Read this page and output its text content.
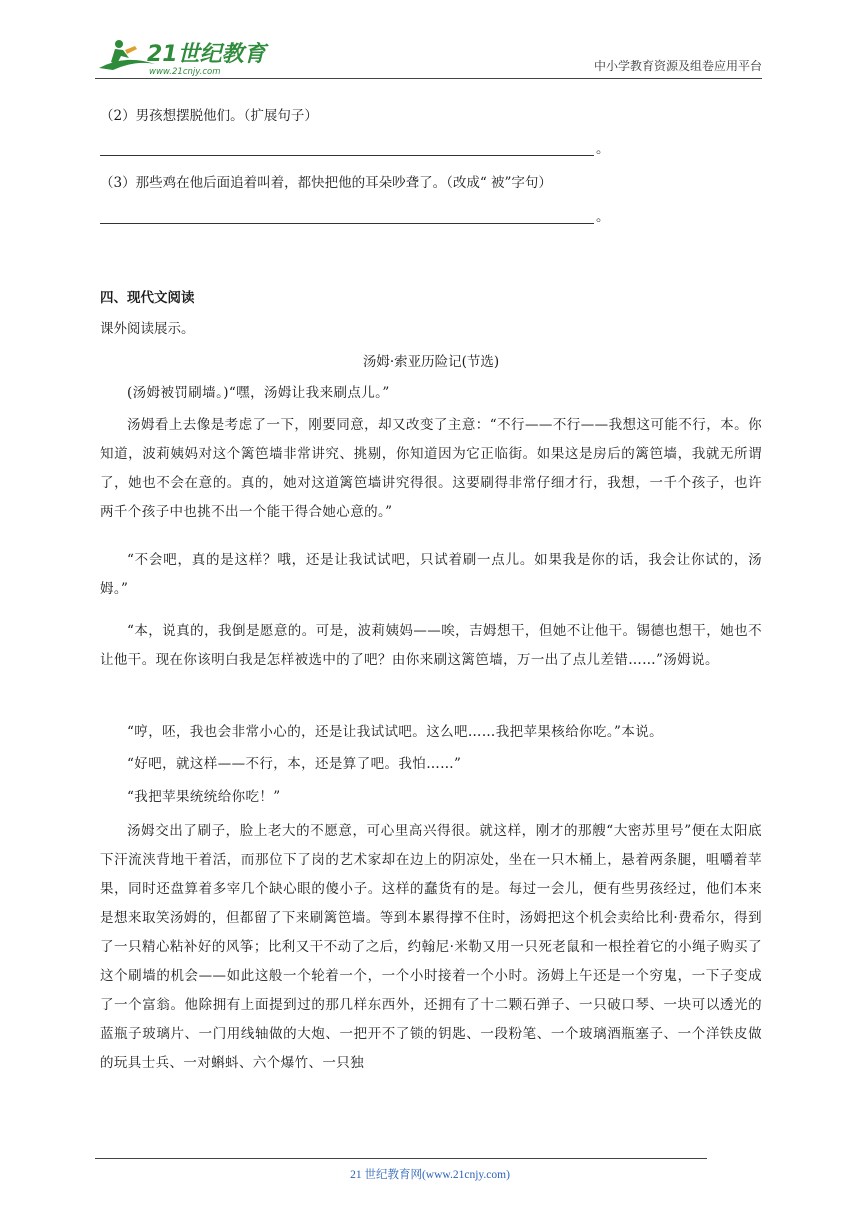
21世纪教育
www.21cnjy.com	中小学教育资源及组卷应用平台
（2）男孩想摆脱他们。（扩展句子）
。
（3）那些鸡在他后面追着叫着，都快把他的耳朵吵聋了。（改成“ 被”字句）
。
四、现代文阅读
课外阅读展示。
汤姆·索亚历险记(节选)
(汤姆被罚刷墙。)“嘿，汤姆让我来刷点儿。”
汤姆看上去像是考虑了一下，刚要同意，却又改变了主意：“不行——不行——我想这可能不行，本。你知道，波莉姨妈对这个篱笆墙非常讲究、挑剔，你知道因为它正临街。如果这是房后的篱笆墙，我就无所谓了，她也不会在意的。真的，她对这道篱笆墙讲究得很。这要刷得非常仔细才行，我想，一千个孩子，也许两千个孩子中也挑不出一个能干得合她心意的。”
“不会吧，真的是这样？哦，还是让我试试吧，只试着刷一点儿。如果我是你的话，我会让你试的，汤姆。”
“本，说真的，我倒是愿意的。可是，波莉姨妈——唉，吉姆想干，但她不让他干。锡德也想干，她也不让他干。现在你该明白我是怎样被选中的了吧？由你来刷这篱笆墙，万一出了点儿差错……”汤姆说。
“哼，呸，我也会非常小心的，还是让我试试吧。这么吧……我把苹果核给你吃。”本说。
“好吧，就这样——不行，本，还是算了吧。我怕……”
“我把苹果统统给你吃！”
汤姆交出了刷子，脸上老大的不愿意，可心里高兴得很。就这样，刚才的那艘“大密苏里号”便在太阳底下汗流浃背地干着活，而那位下了岗的艺术家却在边上的阴凉处，坐在一只木桶上，悬着两条腿，咀嚼着苹果，同时还盘算着多宰几个缺心眼的傻小子。这样的蠢货有的是。每过一会儿，便有些男孩经过，他们本来是想来取笑汤姆的，但都留了下来刷篱笆墙。等到本累得撑不住时，汤姆把这个机会卖给比利·费希尔，得到了一只精心粘补好的风筝；比利又干不动了之后，约翰尼·米勒又用一只死老鼠和一根拴着它的小绳子购买了这个刷墙的机会——如此这般一个轮着一个，一个小时接着一个小时。汤姆上午还是一个穷鬼，一下子变成了一个富翁。他除拥有上面提到过的那几样东西外，还拥有了十二颗石弹子、一只破口琴、一块可以透光的蓝瓶子玻璃片、一门用线轴做的大炮、一把开不了锁的钥匙、一段粉笔、一个玻璃酒瓶塞子、一个洋铁皮做的玩具士兵、一对蝌蚪、六个爆竹、一只独
21 世纪教育网(www.21cnjy.com)
